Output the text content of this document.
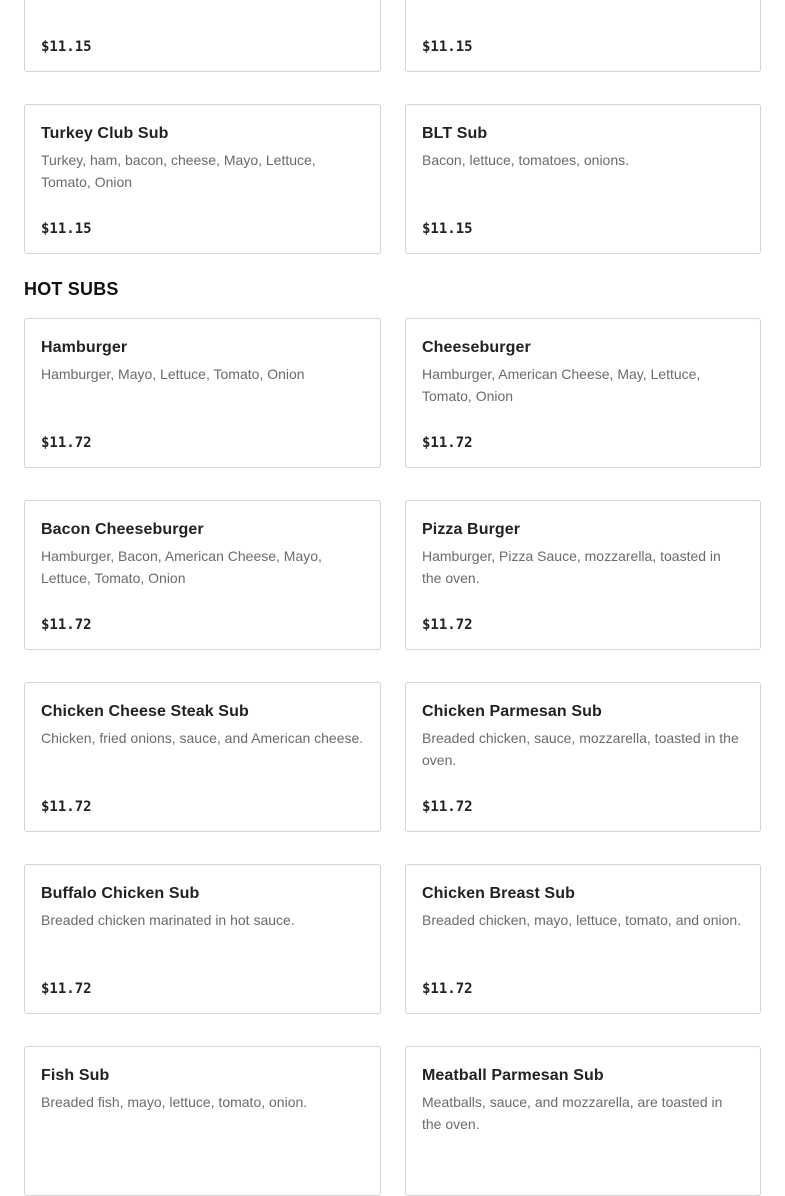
$11.15	$11.15
Turkey Club Sub
Turkey, ham, bacon, cheese, Mayo, Lettuce, Tomato, Onion
$11.15
BLT Sub
Bacon, lettuce, tomatoes, onions.
$11.15
HOT SUBS
Hamburger
Hamburger, Mayo, Lettuce, Tomato, Onion
$11.72
Cheeseburger
Hamburger, American Cheese, May, Lettuce, Tomato, Onion
$11.72
Bacon Cheeseburger
Hamburger, Bacon, American Cheese, Mayo, Lettuce, Tomato, Onion
$11.72
Pizza Burger
Hamburger, Pizza Sauce, mozzarella, toasted in the oven.
$11.72
Chicken Cheese Steak Sub
Chicken, fried onions, sauce, and American cheese.
$11.72
Chicken Parmesan Sub
Breaded chicken, sauce, mozzarella, toasted in the oven.
$11.72
Buffalo Chicken Sub
Breaded chicken marinated in hot sauce.
$11.72
Chicken Breast Sub
Breaded chicken, mayo, lettuce, tomato, and onion.
$11.72
Fish Sub
Breaded fish, mayo, lettuce, tomato, onion.
Meatball Parmesan Sub
Meatballs, sauce, and mozzarella, are toasted in the oven.
